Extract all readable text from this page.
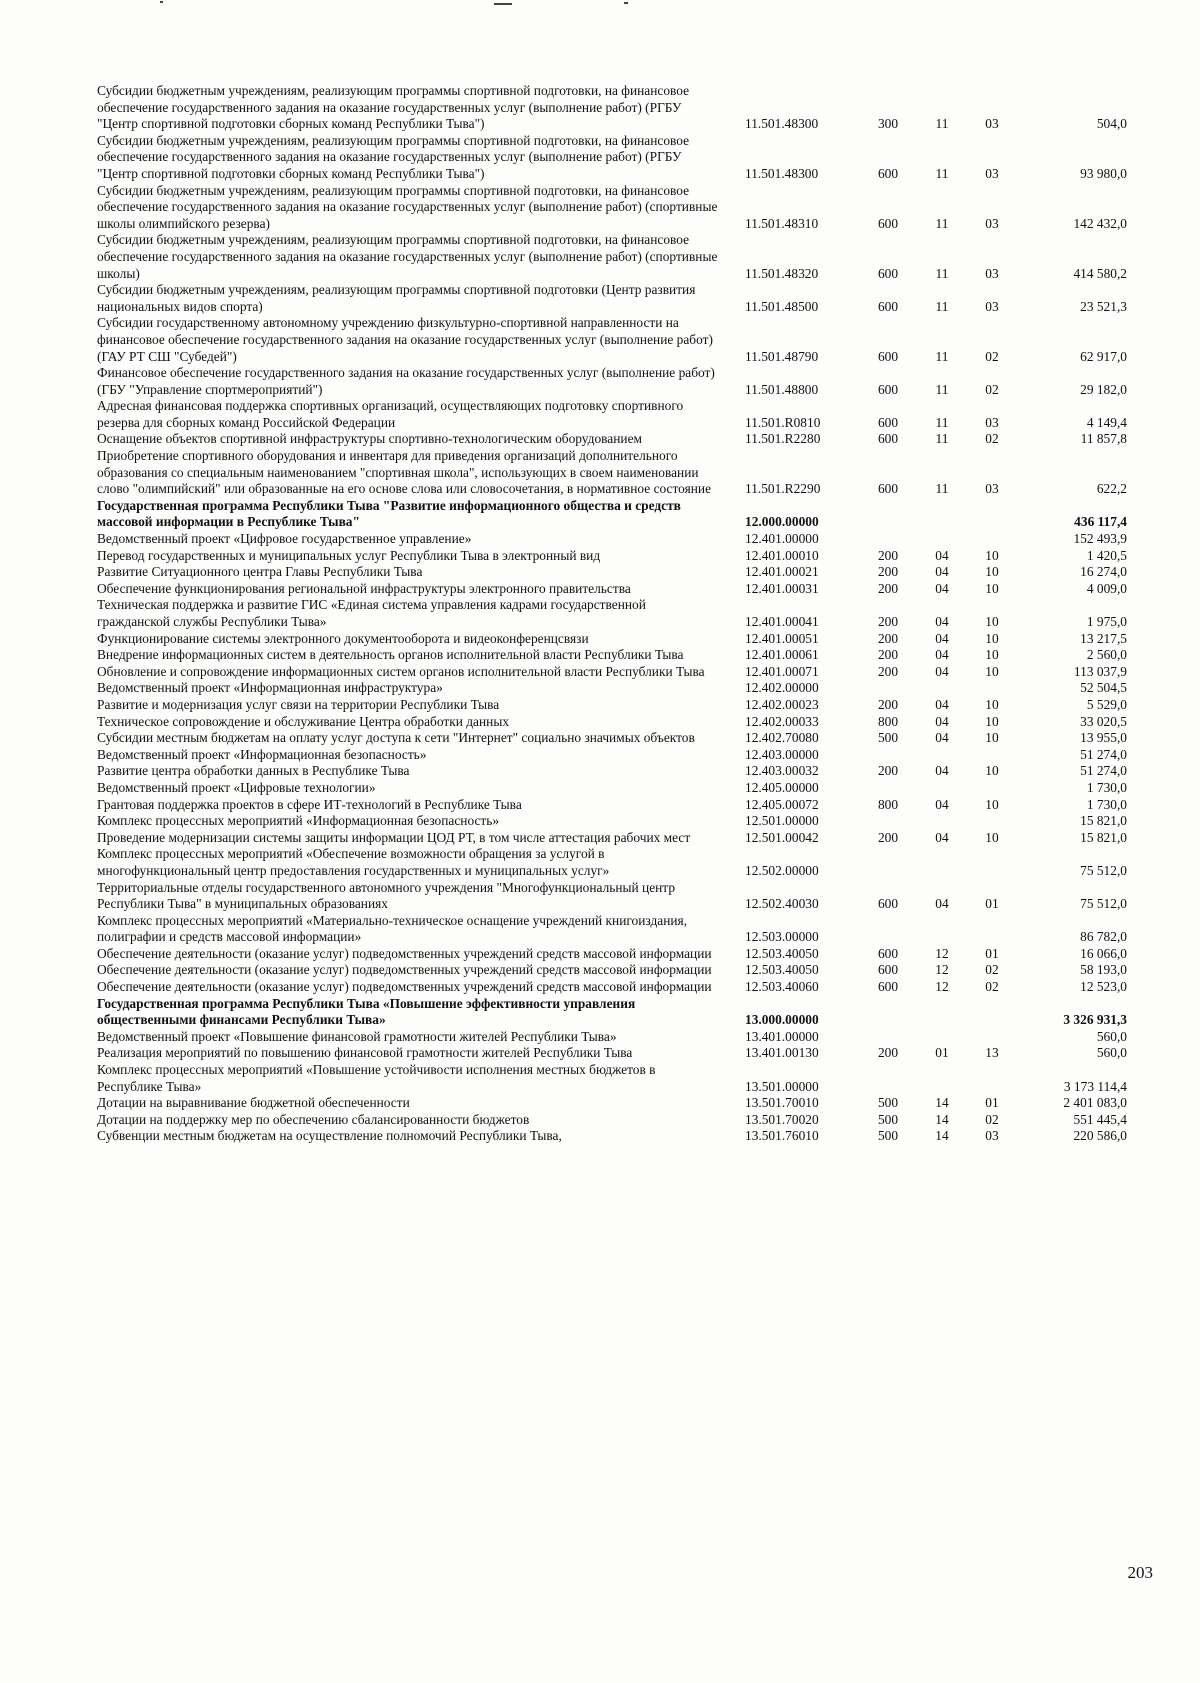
Субсидии бюджетным учреждениям, реализующим программы спортивной подготовки, на финансовое обеспечение государственного задания на оказание государственных услуг (выполнение работ) (РГБУ "Центр спортивной подготовки сборных команд Республики Тыва")	11.501.48300	300	11	03	504,0
Субсидии бюджетным учреждениям, реализующим программы спортивной подготовки, на финансовое обеспечение государственного задания на оказание государственных услуг (выполнение работ) (РГБУ "Центр спортивной подготовки сборных команд Республики Тыва")	11.501.48300	600	11	03	93 980,0
Субсидии бюджетным учреждениям, реализующим программы спортивной подготовки, на финансовое обеспечение государственного задания на оказание государственных услуг (выполнение работ) (спортивные школы олимпийского резерва)	11.501.48310	600	11	03	142 432,0
Субсидии бюджетным учреждениям, реализующим программы спортивной подготовки, на финансовое обеспечение государственного задания на оказание государственных услуг (выполнение работ) (спортивные школы)	11.501.48320	600	11	03	414 580,2
Субсидии бюджетным учреждениям, реализующим программы спортивной подготовки (Центр развития национальных видов спорта)	11.501.48500	600	11	03	23 521,3
Субсидии государственному автономному учреждению физкультурно-спортивной направленности на финансовое обеспечение государственного задания на оказание государственных услуг (выполнение работ) (ГАУ РТ СШ "Субедей")	11.501.48790	600	11	02	62 917,0
Финансовое обеспечение государственного задания на оказание государственных услуг (выполнение работ) (ГБУ "Управление спортмероприятий")	11.501.48800	600	11	02	29 182,0
Адресная финансовая поддержка спортивных организаций, осуществляющих подготовку спортивного резерва для сборных команд Российской Федерации	11.501.R0810	600	11	03	4 149,4
Оснащение объектов спортивной инфраструктуры спортивно-технологическим оборудованием	11.501.R2280	600	11	02	11 857,8
Приобретение спортивного оборудования и инвентаря для приведения организаций дополнительного образования со специальным наименованием "спортивная школа", использующих в своем наименовании слово "олимпийский" или образованные на его основе слова или словосочетания, в нормативное состояние	11.501.R2290	600	11	03	622,2
Государственная программа Республики Тыва "Развитие информационного общества и средств массовой информации в Республике Тыва"	12.000.00000				436 117,4
Ведомственный проект «Цифровое государственное управление»	12.401.00000				152 493,9
Перевод государственных и муниципальных услуг Республики Тыва в электронный вид	12.401.00010	200	04	10	1 420,5
Развитие Ситуационного центра Главы Республики Тыва	12.401.00021	200	04	10	16 274,0
Обеспечение функционирования региональной инфраструктуры электронного правительства	12.401.00031	200	04	10	4 009,0
Техническая поддержка и развитие ГИС «Единая система управления кадрами государственной гражданской службы Республики Тыва»	12.401.00041	200	04	10	1 975,0
Функционирование системы электронного документооборота и видеоконференцсвязи	12.401.00051	200	04	10	13 217,5
Внедрение информационных систем в деятельность органов исполнительной власти Республики Тыва	12.401.00061	200	04	10	2 560,0
Обновление и сопровождение информационных систем органов исполнительной власти Республики Тыва	12.401.00071	200	04	10	113 037,9
Ведомственный проект «Информационная инфраструктура»	12.402.00000				52 504,5
Развитие и модернизация услуг связи на территории Республики Тыва	12.402.00023	200	04	10	5 529,0
Техническое сопровождение и обслуживание Центра обработки данных	12.402.00033	800	04	10	33 020,5
Субсидии местным бюджетам на оплату услуг доступа к сети "Интернет" социально значимых объектов	12.402.70080	500	04	10	13 955,0
Ведомственный проект «Информационная безопасность»	12.403.00000				51 274,0
Развитие центра обработки данных в Республике Тыва	12.403.00032	200	04	10	51 274,0
Ведомственный проект «Цифровые технологии»	12.405.00000				1 730,0
Грантовая поддержка проектов в сфере ИТ-технологий в Республике Тыва	12.405.00072	800	04	10	1 730,0
Комплекс процессных мероприятий «Информационная безопасность»	12.501.00000				15 821,0
Проведение модернизации системы защиты информации ЦОД РТ, в том числе аттестация рабочих мест	12.501.00042	200	04	10	15 821,0
Комплекс процессных мероприятий «Обеспечение возможности обращения за услугой в многофункциональный центр предоставления государственных и муниципальных услуг»	12.502.00000				75 512,0
Территориальные отделы государственного автономного учреждения "Многофункциональный центр Республики Тыва" в муниципальных образованиях	12.502.40030	600	04	01	75 512,0
Комплекс процессных мероприятий «Материально-техническое оснащение учреждений книгоиздания, полиграфии и средств массовой информации»	12.503.00000				86 782,0
Обеспечение деятельности (оказание услуг) подведомственных учреждений средств массовой информации	12.503.40050	600	12	01	16 066,0
Обеспечение деятельности (оказание услуг) подведомственных учреждений средств массовой информации	12.503.40050	600	12	02	58 193,0
Обеспечение деятельности (оказание услуг) подведомственных учреждений средств массовой информации	12.503.40060	600	12	02	12 523,0
Государственная программа Республики Тыва «Повышение эффективности управления общественными финансами Республики Тыва»	13.000.00000				3 326 931,3
Ведомственный проект «Повышение финансовой грамотности жителей Республики Тыва»	13.401.00000				560,0
Реализация мероприятий по повышению финансовой грамотности жителей Республики Тыва	13.401.00130	200	01	13	560,0
Комплекс процессных мероприятий «Повышение устойчивости исполнения местных бюджетов в Республике Тыва»	13.501.00000				3 173 114,4
Дотации на выравнивание бюджетной обеспеченности	13.501.70010	500	14	01	2 401 083,0
Дотации на поддержку мер по обеспечению сбалансированности бюджетов	13.501.70020	500	14	02	551 445,4
Субвенции местным бюджетам на осуществление полномочий Республики Тыва,	13.501.76010	500	14	03	220 586,0
203
